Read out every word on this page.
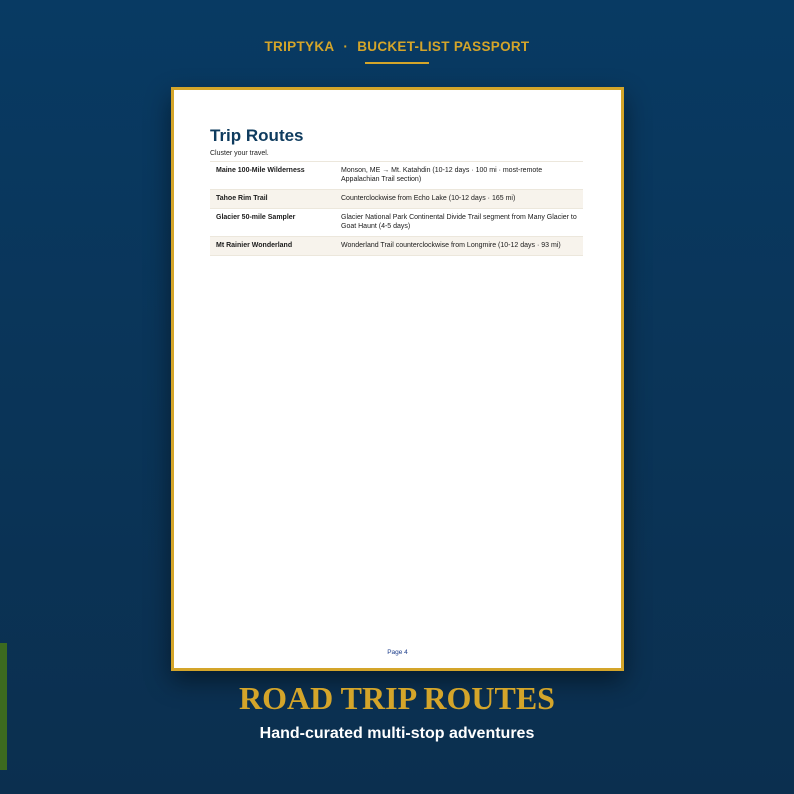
TRIPTYKA · BUCKET-LIST PASSPORT
Trip Routes
Cluster your travel.
Maine 100-Mile Wilderness	Monson, ME → Mt. Katahdin (10-12 days · 100 mi · most-remote Appalachian Trail section)
Tahoe Rim Trail	Counterclockwise from Echo Lake (10-12 days · 165 mi)
Glacier 50-mile Sampler	Glacier National Park Continental Divide Trail segment from Many Glacier to Goat Haunt (4-5 days)
Mt Rainier Wonderland	Wonderland Trail counterclockwise from Longmire (10-12 days · 93 mi)
Page 4
ROAD TRIP ROUTES
Hand-curated multi-stop adventures
